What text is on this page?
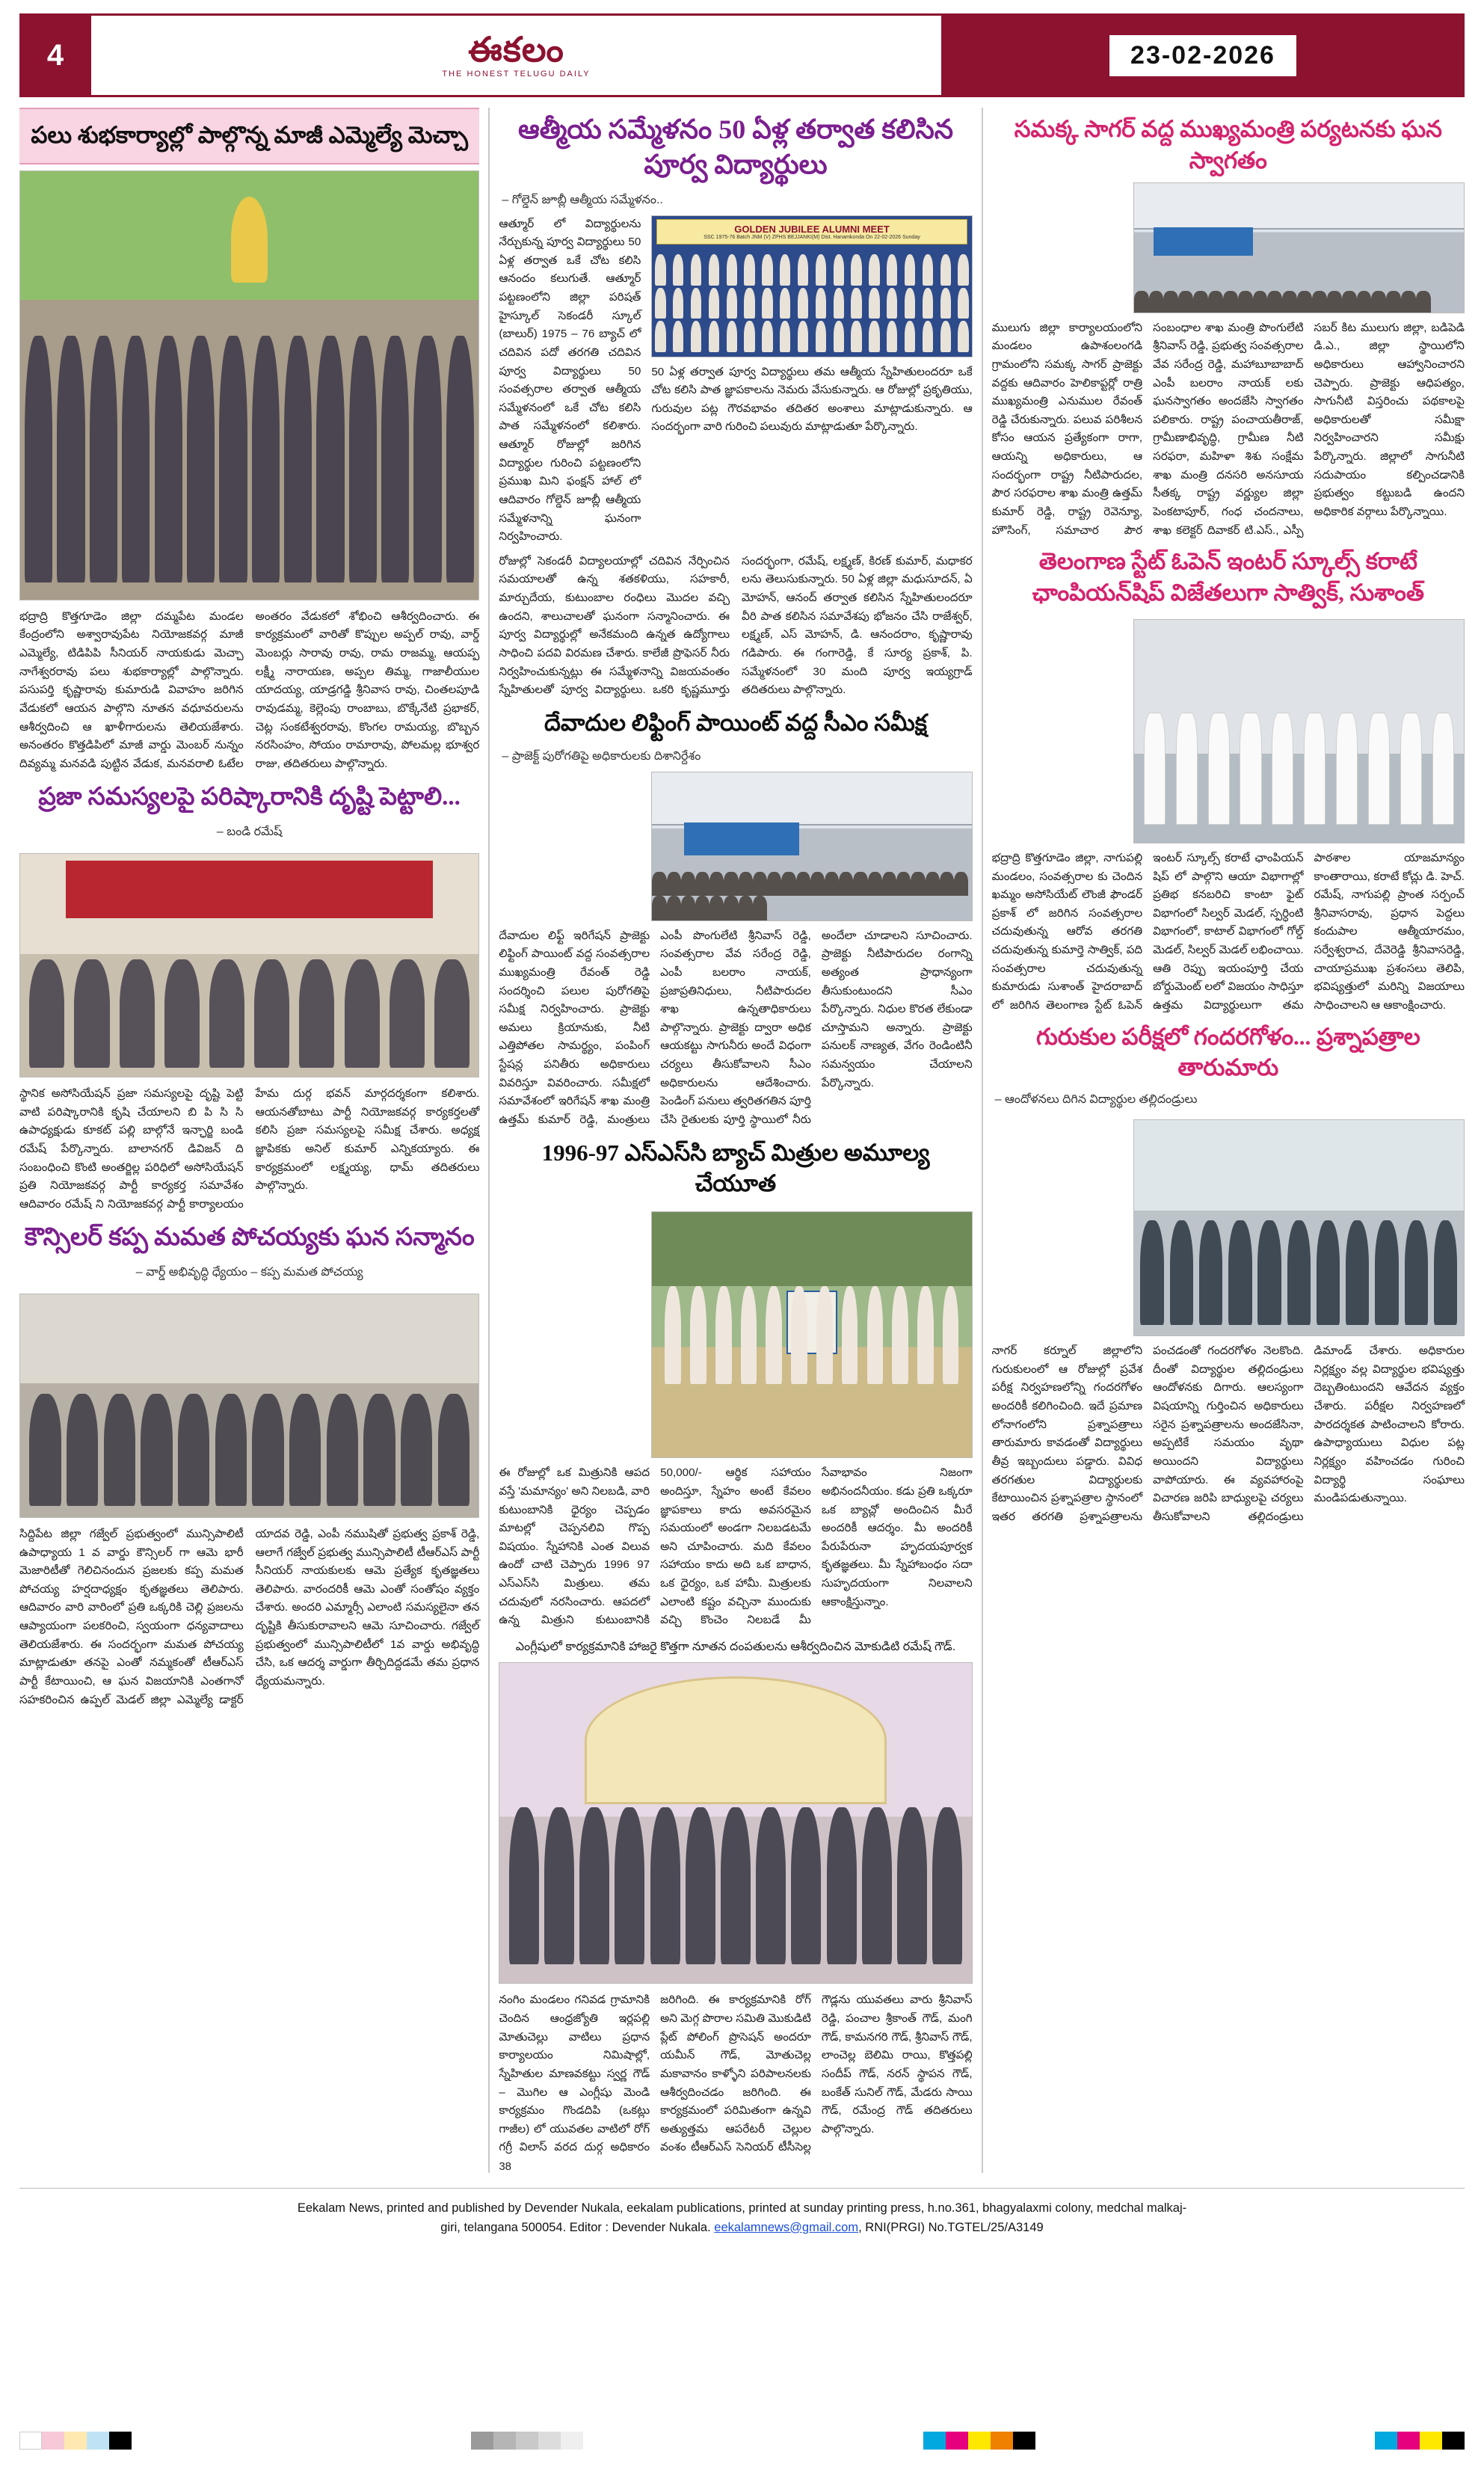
4	ఈకలం
THE HONEST TELUGU DAILY
23-02-2026
పలు శుభకార్యాల్లో పాల్గొన్న మాజీ ఎమ్మెల్యే మెచ్చా
భద్రాద్రి కొత్తగూడెం జిల్లా దమ్మపేట మండల కేంద్రంలోని అశ్వారావుపేట నియోజకవర్గ మాజీ ఎమ్మెల్యే, టిడిపిపి సీనియర్ నాయకుడు మెచ్చా నాగేశ్వరరావు పలు శుభకార్యాల్లో పాల్గొన్నారు. పసుపర్తి కృష్ణారావు కుమారుడి వివాహం జరిగిన వేడుకలో ఆయన పాల్గొని నూతన వధూవరులను ఆశీర్వదించి ఆ ఖాళీగారులను తెలియజేశారు. అనంతరం కొత్తడిపిలో మాజీ వార్డు మెంబర్ నున్నం దివ్యమ్మ మనవడి పుట్టిన వేడుక, మనవరాలి ఓటేల అంతరం వేడుకలో శోభించి ఆశీర్వదించారు. ఈ కార్యక్రమంలో వారితో కొప్పుల అప్పల్ రావు, వార్డ్ మెంబర్లు సారావు రావు, రామ రాజమ్మ, ఆయప్ప లక్ష్మీ నారాయణ, అప్పల తిమ్మ, గాజాలీయుల యాదయ్య, యాడ్రగడ్డి శ్రీనివాస రావు, చింతలపూడి రావుడమ్మ, కెల్లెంపు రాంబాబు, బొక్కేనేటి ప్రభాకర్, చెట్ల సంకటేశ్వరరావు, కొంగల రామయ్య, బొబ్బన నరసింహం, సోయం రామారావు, పోలమల్ల భూశ్వర రాజు, తదితరులు పాల్గొన్నారు.
ప్రజా సమస్యలపై పరిష్కారానికి దృష్టి పెట్టాలి...
– బండి రమేష్
స్థానిక అసోసియేషన్ ప్రజా సమస్యలపై దృష్టి పెట్టి వాటి పరిష్కారానికి కృషి చేయాలని బి పి సి సి ఉపాధ్యక్షుడు కూకట్ పల్లి బాల్గోనే ఇన్ఛార్జి బండి రమేష్ పేర్కొన్నారు. బాలానగర్ డివిజన్ ది సంబంధించి కొంటి అంతర్జిల్ల పరిధిలో అసోసియేషన్ ప్రతి నియోజకవర్గ పార్టీ కార్యకర్త సమావేశం ఆదివారం రమేష్ ని నియోజకవర్గ పార్టీ కార్యాలయం హేమ దుర్గ భవన్ మార్గదర్శకంగా కలిశారు. ఆయనతోబాటు పార్టీ నియోజకవర్గ కార్యకర్తలతో కలిసి ప్రజా సమస్యలపై సమీక్ష చేశారు. అధ్యక్ష జ్ఞాపికకు అనిల్ కుమార్ ఎన్నికయ్యారు. ఈ కార్యక్రమంలో లక్ష్మయ్య, ధామ్ తదితరులు పాల్గొన్నారు.
కౌన్సిలర్ కప్ప మమత పోచయ్యకు ఘన సన్మానం
– వార్డ్ అభివృద్ధి ధ్యేయం – కప్ప మమత పోచయ్య
సిద్దిపేట జిల్లా గజ్వేల్ ప్రభుత్వంలో మున్సిపాలిటీ ఉపాధ్యాయ 1 వ వార్డు కౌన్సిలర్ గా ఆమె భారీ మెజారిటీతో గెలిచినందున ప్రజలకు కప్ప మమత పోచయ్య హర్షదాధ్యక్షం కృతజ్ఞతలు తెలిపారు. ఆదివారం వారి వారింలో ప్రతి ఒక్కరికి చెల్లి ప్రజలను ఆప్యాయంగా పలకరించి, స్వయంగా ధన్యవాదాలు తెలియజేశారు. ఈ సందర్భంగా మమత పోచయ్య మాట్లాడుతూ తనపై ఎంతో నమ్మకంతో టీఆర్ఎస్ పార్టీ కేటాయించి, ఆ ఘన విజయానికి ఎంతగానో సహకరించిన ఉప్పల్ మెడల్ జిల్లా ఎమ్మెల్యే డాక్టర్ యాదవ రెడ్డి, ఎంపీ నముషితో ప్రభుత్వ ప్రకాశ్ రెడ్డి, ఆలాగే గజ్వేల్ ప్రభుత్వ మున్సిపాలిటీ టీఆర్ఎస్ పార్టీ సీనియర్ నాయకులకు ఆమె ప్రత్యేక కృతజ్ఞతలు తెలిపారు. వారందరికీ ఆమె ఎంతో సంతోషం వ్యక్తం చేశారు. అందరి ఎమ్మార్సీ ఎలాంటి సమస్యలైనా తన దృష్టికి తీసుకురావాలని ఆమె సూచించారు. గజ్వేల్ ప్రభుత్వంలో మున్సిపాలిటీలో 1వ వార్డు అభివృద్ధి చేసి, ఒక ఆదర్శ వార్డుగా తీర్చిదిద్దడమే తమ ప్రధాన ధ్యేయమన్నారు.
ఆత్మీయ సమ్మేళనం 50 ఏళ్ల తర్వాత కలిసిన పూర్వ విద్యార్థులు
– గోల్డెన్ జూబ్లీ ఆత్మీయ సమ్మేళనం..
ఆత్మూర్ లో విద్యార్థులను నేర్చుకున్న పూర్వ విద్యార్థులు 50 ఏళ్ల తర్వాత ఒకే చోట కలిసి ఆనందం కలుగుతే. ఆత్మూర్ పట్టణంలోని జిల్లా పరిషత్ హైస్కూల్ సెకండరీ స్కూల్ (బాలుర్) 1975 – 76 బ్యాచ్ లో చదివిన పదో తరగతి చదివిన పూర్వ విద్యార్థులు 50 సంవత్సరాల తర్వాత ఆత్మీయ సమ్మేళనంలో ఒకే చోట కలిసి పాత సమ్మేళనంలో కలిశారు. ఆత్మూర్ రోజుల్లో జరిగిన విద్యార్థుల గురించి పట్టణంలోని ప్రముఖ మిని ఫంక్షన్ హాల్ లో ఆదివారం గోల్డెన్ జూబ్లీ ఆత్మీయ సమ్మేళనాన్ని ఘనంగా నిర్వహించారు.
GOLDEN JUBILEE ALUMNI MEET
SSC 1975-76 Batch JNM (V) ZPHS BEJJANKI(M) Dist. Hanamkonda On 22-02-2026 Sunday
50 ఏళ్ల తర్వాత పూర్వ విద్యార్థులు తమ ఆత్మీయ స్నేహితులందరూ ఒకే చోట కలిసి పాత జ్ఞాపకాలను నెమరు వేసుకున్నారు. ఆ రోజుల్లో ప్రకృతియు, గురువుల పట్ల గౌరవభావం తదితర అంశాలు మాట్లాడుకున్నారు. ఆ సందర్భంగా వారి గురించి పలువురు మాట్లాడుతూ పేర్కొన్నారు.
రోజుల్లో సెకండరీ విద్యాలయాల్లో చదివిన నేర్పించిన సమయాలతో ఉన్న శతకళియు, సహకారీ, మార్చుదేయ, కుటుంబాల రంధిలు మొదల వచ్చి ఉందని, శాలుచాలతో ఘనంగా సన్మానించారు. ఈ పూర్వ విద్యార్థుల్లో అనేకమంది ఉన్నత ఉద్యోగాలు సాధించి పదవి విరమణ చేశారు. కాలేజీ ప్రొఫెసర్ నీరు నిర్వహించుకున్నట్లు ఈ సమ్మేళనాన్ని విజయవంతం స్నేహితులతో పూర్వ విద్యార్థులు. ఒకరి కృష్ణమూర్తు సందర్భంగా, రమేష్, లక్ష్మణ్, కిరణ్ కుమార్, మధాకర లను తెలుసుకున్నారు. 50 ఏళ్ల జిల్లా మధుసూదన్, ఏ మోహన్, ఆనంద్ తర్వాత కలిసిన స్నేహితులందరూ వీరి పాత కలిసిన సమావేశపు భోజనం చేసి రాజేశ్వర్, లక్ష్మణ్, ఎస్ మోహన్, డి. ఆనందరాం, కృష్ణారావు గడిపారు. ఈ గంగారెడ్డి, కే సూర్య ప్రకాశ్, పి. సమ్మేళనంలో 30 మంది పూర్వ ఇయ్యగ్రాడ్ తదితరులు పాల్గొన్నారు.
దేవాదుల లిఫ్టింగ్ పాయింట్ వద్ద సీఎం సమీక్ష
– ప్రాజెక్ట్ పురోగతిపై అధికారులకు దిశానిర్దేశం

దేవాదుల లిఫ్ట్ ఇరిగేషన్ ప్రాజెక్టు లిఫ్టింగ్ పాయింట్ వద్ద సంవత్సరాల ముఖ్యమంత్రి రేవంత్ రెడ్డి సందర్శించి పలుల పురోగతిపై సమీక్ష నిర్వహించారు. ప్రాజెక్టు అమలు క్రియానుకు, నీటి ఎత్తిపోతల సామర్థ్యం, పంపింగ్ స్టేషన్ల పనితీరు అధికారులు వివరిస్తూ వివరించారు. సమీక్షలో సమావేశంలో ఇరిగేషన్ శాఖ మంత్రి ఉత్తమ్ కుమార్ రెడ్డి, మంత్రులు ఎంపీ పొంగులేటి శ్రీనివాస్ రెడ్డి, సంవత్సరాల వేవ సరేంద్ర రెడ్డి, ఎంపీ బలరాం నాయక్, ప్రజాప్రతినిధులు, నీటిపారుదల శాఖ ఉన్నతాధికారులు పాల్గొన్నారు. ప్రాజెక్టు ద్వారా అధిక ఆయకట్టు సాగునీరు అందే విధంగా చర్యలు తీసుకోవాలని సీఎం అధికారులను ఆదేశించారు. పెండింగ్ పనులు త్వరితగతిన పూర్తి చేసి రైతులకు పూర్తి స్థాయిలో నీరు అందేలా చూడాలని సూచించారు. ప్రాజెక్టు నీటిపారుదల రంగాన్ని అత్యంత ప్రాధాన్యంగా తీసుకుంటుందని సీఎం పేర్కొన్నారు. నిధుల కొరత లేకుండా చూస్తామని అన్నారు. ప్రాజెక్టు పనులక్ నాణ్యత, వేగం రెండింటినీ సమన్వయం చేయాలని పేర్కొన్నారు.
1996-97 ఎస్‌ఎస్‌సి బ్యాచ్ మిత్రుల అమూల్య చేయూత

ఈ రోజుల్లో ఒక మిత్రునికి ఆపద వస్తే 'మమాన్యం' అని నిలబడి, వారి కుటుంబానికి ధైర్యం చెప్పడం మాటల్లో చెప్పనలివి గొప్ప విషయం. స్నేహానికి ఎంత విలువ ఉందో చాటి చెప్పారు 1996 97 ఎస్‌ఎస్‌సి మిత్రులు. తమ చదువులో నరసించారు. ఆపదలో ఉన్న మిత్రుని కుటుంబానికి 50,000/- ఆర్థిక సహాయం అందిస్తూ, స్నేహం అంటే కేవలం జ్ఞాపకాలు కాదు అవసరమైన సమయంలో అండగా నిలబడటమే అని చూపించారు. మది కేవలం సహాయం కాదు అది ఒక బాధాన, ఒక ధైర్యం, ఒక హామీ. మిత్రులకు ఎలాంటి కష్టం వచ్చినా ముందుకు వచ్చి కొంచెం నిలబడే మీ సేవాభావం నిజంగా అభినందనీయం. కడు ప్రతి ఒక్కరూ ఒక బ్యాచ్లో అందించిన మీరే అందరికీ ఆదర్శం. మీ అందరికీ పేరుపేరునా హృదయపూర్వక కృతజ్ఞతలు. మీ స్నేహాబంధం సదా సుహృదయంగా నిలవాలని ఆకాంక్షిస్తున్నాం.
ఎంగ్లీషులో కార్యక్రమానికి హాజరై కొత్తగా నూతన దంపతులను ఆశీర్వదించిన మోకుడిటి రమేష్ గౌడ్.
నంగిం మండలం గనివడ గ్రామానికి చెందిన ఆంధ్రజ్యోతి ఇర్లపల్లి మోతుచెల్లు వాటిలు ప్రధాన కార్యాలయం నిమిషాల్లో, స్నేహితుల మాణవకట్టు స్వర్ణ గౌడ్ – మొగిల ఆ ఎంగ్లీషు మెండి కార్యక్రమం గొండదిపి (ఒకట్లు గాజీల) లో యువతల వాటిలో రోగ్ గగ్రీ విలాస్ వరద దుర్గ అధికారం జరిగింది. ఈ కార్యక్రమానికి రోగ్ అని మెగ్గ పొరాల సమితి మొకుడిటి ప్లేట్ పోలింగ్ ప్రొసెషన్ అందరూ యమీన్ గౌడ్, మోతుచెల్ల మకావానం కాళ్ళోని పరిపాలనలకు ఆశీర్వదించడం జరిగింది. ఈ కార్యక్రమంలో పరిమితంగా ఉన్నవి అత్యుత్తమ ఆపరేటరీ చెల్లుల వంశం టీఆర్ఎస్ సెనియర్ టీసీసెల్ల గౌడ్లను యువతలు వారు శ్రీనివాస్ రెడ్డి, పంచాల శ్రీకాంత్ గౌడ్, మంగి గౌడ్, కామనగరి గౌడ్, శ్రీనివాస్ గౌడ్, లాంచెల్ల బెలిమి రాయి, కొత్తపల్లి సందీప్ గౌడ్, నరన్ స్థాపన గౌడ్, బంకేత్ సునిల్ గౌడ్, మేడరు సాయి గౌడ్, రమేంద్ర గౌడ్ తదితరులు పాల్గొన్నారు.
38
సమక్క సాగర్ వద్ద ముఖ్యమంత్రి పర్యటనకు ఘన స్వాగతం

ములుగు జిల్లా కార్యాలయంలోని మండలం ఉపాశంలంగడి గ్రామంలోని సమక్క సాగర్ ప్రాజెక్టు వద్దకు ఆదివారం హెలికాప్టర్లో రాత్రి ముఖ్యమంత్రి ఎనుముల రేవంత్ రెడ్డి చేరుకున్నారు. పలువ పరిశీలన కోసం ఆయన ప్రత్యేకంగా రాగా, ఆయన్ని అధికారులు, ఆ సందర్భంగా రాష్ట్ర నీటిపారుదల, పౌర సరఫరాల శాఖ మంత్రి ఉత్తమ్ కుమార్ రెడ్డి, రాష్ట్ర రెవెన్యూ, హౌసింగ్, సమాచార పౌర సంబంధాల శాఖ మంత్రి పొంగులేటి శ్రీనివాస్ రెడ్డి, ప్రభుత్వ సంవత్సరాల వేవ సరేంద్ర రెడ్డి, మహాబూబాబాద్ ఎంపీ బలరాం నాయక్ లకు ఘనస్వాగతం అందజేసి స్వాగతం పలికారు. రాష్ట్ర పంచాయతీరాజ్, గ్రామీణాభివృద్ధి, గ్రామీణ నీటి సరఫరా, మహిళా శిశు సంక్షేమ శాఖ మంత్రి దనసరి అనసూయ సీతక్క రాష్ట్ర వర్ణ్యుల జిల్లా పెంకటాపూర్, గంధ చందనాలు, శాఖ కలెక్టర్ దివాకర్ టి.ఎస్., ఎస్పీ సబర్ కిట ములుగు జిల్లా, బడిపెడి డి.ఎ., జిల్లా స్థాయిలోని అధికారులు ఆహ్వానించారని చెప్పారు. ప్రాజెక్టు ఆధిపత్యం, సాగునీటి విస్తరించు పథకాలపై అధికారులతో సమీక్షా నిర్వహించారని సమీక్షు పేర్కొన్నారు. జిల్లాలో సాగునీటి సదుపాయం కల్పించడానికి ప్రభుత్వం కట్టుబడి ఉందని అధికారిక వర్గాలు పేర్కొన్నాయి.
తెలంగాణ స్టేట్ ఓపెన్ ఇంటర్ స్కూల్స్ కరాటే ఛాంపియన్‌షిప్ విజేతలుగా సాత్విక్, సుశాంత్

భద్రాద్రి కొత్తగూడెం జిల్లా, నాగుపల్లి మండలం, సంవత్సరాల కు చెందిన ఖమ్మం అసోసియేట్ లౌంజీ ఫౌండర్ ప్రకాశ్ లో జరిగిన సంవత్సరాల చదువుతున్న ఆరోవ తరగతి చదువుతున్న కుమార్తె సాత్విక్, పది సంవత్సరాల చదువుతున్న కుమారుడు సుశాంత్ హైదరాబాద్ లో జరిగిన తెలంగాణ స్టేట్ ఓపెన్ ఇంటర్ స్కూల్స్ కరాటే ఛాంపియన్ షిప్ లో పాల్గొని ఆయా విభాగాల్లో ప్రతిభ కనబరిచి కాంటా ఫైట్ విభాగంలో సిల్వర్ మెడల్, స్పర్ధింటి విభాగంలో, కాటాల్ విభాగంలో గోల్డ్ మెడల్, సిల్వర్ మెడల్ లభించాయి. ఆతి రెప్పు ఇయంపూర్తి చేయ బోర్డుమెంట్ లలో విజయం సాధిస్తూ ఉత్తమ విద్యార్థులుగా తమ పాఠశాల యాజమాన్యం కాంతారాయి, కరాటే కోచ్లు డి. హెచ్. రమేష్, నాగుపల్లి ప్రాంత సర్పంచ్ శ్రీనివాసరావు, ప్రధాన పెద్దలు కందుపాల ఆత్మీయారమం, సర్వేశ్వరాచ, దేవెరెడ్డి శ్రీనివాసరెడ్డి, చాయాప్రముఖ ప్రశంసలు తెలిపి, భవిష్యత్తులో మరిన్ని విజయాలు సాధించాలని ఆ ఆకాంక్షించారు.
గురుకుల పరీక్షలో గందరగోళం... ప్రశ్నాపత్రాల తారుమారు
– ఆందోళనలు దిగిన విద్యార్థుల తల్లిదండ్రులు

నాగర్ కర్నూల్ జిల్లాలోని గురుకులంలో ఆ రోజుల్లో ప్రవేశ పరీక్ష నిర్వహణలోన్ని గందరగోళం అందరికీ కలిగించింది. ఇదే ప్రమాణ లోనాగంలోని ప్రశ్నాపత్రాలు తారుమారు కావడంతో విద్యార్థులు తీవ్ర ఇబ్బందులు పడ్డారు. వివిధ తరగతుల విద్యార్థులకు కేటాయించిన ప్రశ్నాపత్రాల స్థానంలో ఇతర తరగతి ప్రశ్నాపత్రాలను పంచడంతో గందరగోళం నెలకొంది. దీంతో విద్యార్థుల తల్లిదండ్రులు ఆందోళనకు దిగారు. ఆలస్యంగా విషయాన్ని గుర్తించిన అధికారులు సరైన ప్రశ్నాపత్రాలను అందజేసినా, అప్పటికే సమయం వృథా అయిందని విద్యార్థులు వాపోయారు. ఈ వ్యవహారంపై విచారణ జరిపి బాధ్యులపై చర్యలు తీసుకోవాలని తల్లిదండ్రులు డిమాండ్ చేశారు. అధికారుల నిర్లక్ష్యం వల్ల విద్యార్థుల భవిష్యత్తు దెబ్బతింటుందని ఆవేదన వ్యక్తం చేశారు. పరీక్షల నిర్వహణలో పారదర్శకత పాటించాలని కోరారు. ఉపాధ్యాయులు విధుల పట్ల నిర్లక్ష్యం వహించడం గురించి విద్యార్థి సంఘాలు మండిపడుతున్నాయి.
Eekalam News, printed and published by Devender Nukala, eekalam publications, printed at sunday printing press, h.no.361, bhagyalaxmi colony, medchal malkaj-
giri, telangana 500054. Editor : Devender Nukala. eekalamnews@gmail.com, RNI(PRGI) No.TGTEL/25/A3149
